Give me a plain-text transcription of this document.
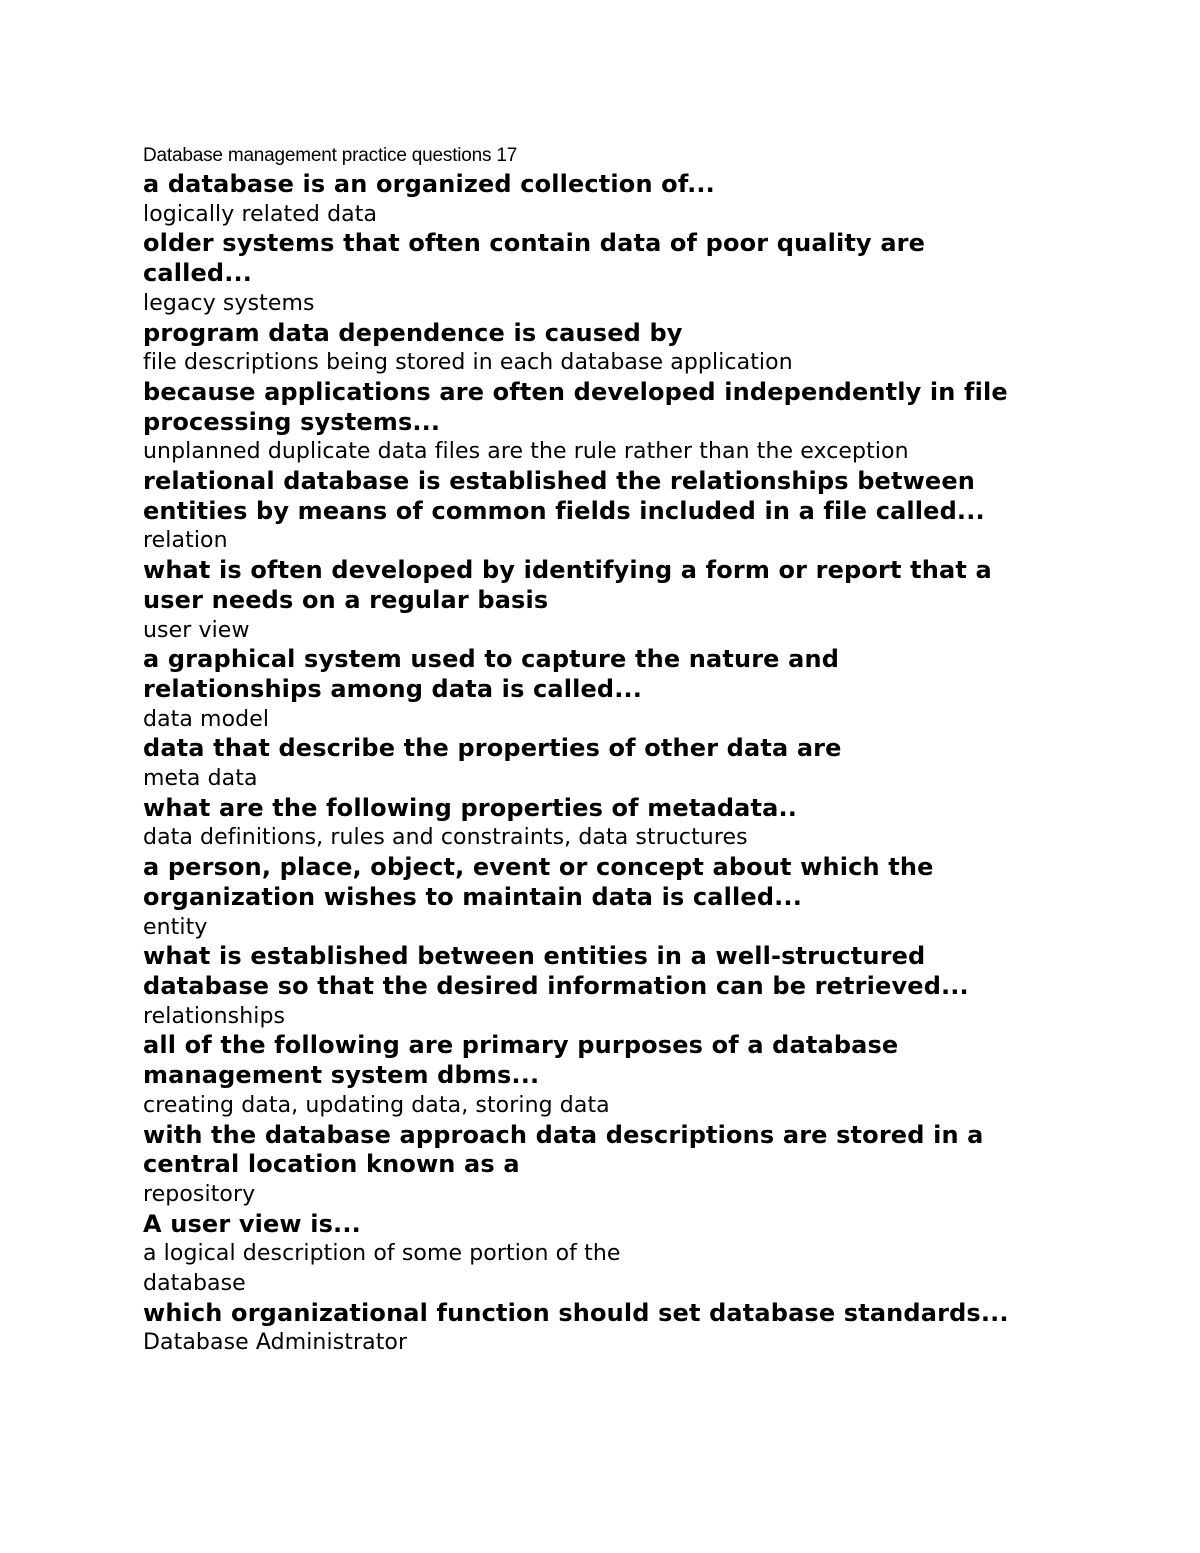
Database management practice questions 17
a database is an organized collection of...
logically related data
older systems that often contain data of poor quality are called...
legacy systems
program data dependence is caused by
file descriptions being stored in each database application
because applications are often developed independently in file processing systems...
unplanned duplicate data files are the rule rather than the exception
relational database is established the relationships between entities by means of common fields included in a file called...
relation
what is often developed by identifying a form or report that a user needs on a regular basis
user view
a graphical system used to capture the nature and relationships among data is called...
data model
data that describe the properties of other data are
meta data
what are the following properties of metadata..
data definitions, rules and constraints, data structures
a person, place, object, event or concept about which the organization wishes to maintain data is called...
entity
what is established between entities in a well-structured database so that the desired information can be retrieved...
relationships
all of the following are primary purposes of a database management system dbms...
creating data, updating data, storing data
with the database approach data descriptions are stored in a central location known as a
repository
A user view is...
a logical description of some portion of the database
which organizational function should set database standards...
Database Administrator
